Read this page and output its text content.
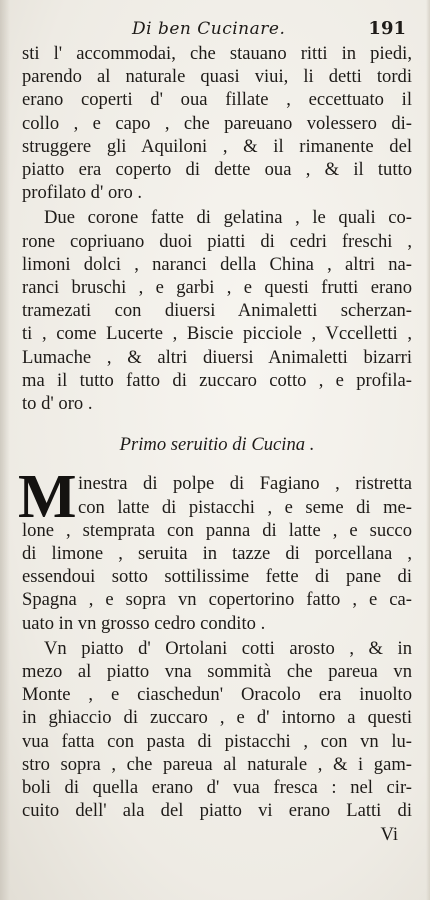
Di ben Cucinare.	191
sti l' accommodai, che stauano ritti in piedi,
parendo al naturale quasi viui, li detti tordi
erano coperti d' oua fillate , eccettuato il
collo , e capo , che pareuano volessero di-
struggere gli Aquiloni , & il rimanente del
piatto era coperto di dette oua , & il tutto
profilato d' oro .
Due corone fatte di gelatina , le quali co-
rone copriuano duoi piatti di cedri freschi ,
limoni dolci , naranci della China , altri na-
ranci bruschi , e garbi , e questi frutti erano
tramezati con diuersi Animaletti scherzan-
ti , come Lucerte , Biscie picciole , Vccelletti ,
Lumache , & altri diuersi Animaletti bizarri
ma il tutto fatto di zuccaro cotto , e profila-
to d' oro .
Primo seruitio di Cucina .
M inestra di polpe di Fagiano , ristretta
con latte di pistacchi , e seme di me-
lone , stemprata con panna di latte , e succo
di limone , seruita in tazze di porcellana ,
essendoui sotto sottilissime fette di pane di
Spagna , e sopra vn copertorino fatto , e ca-
uato in vn grosso cedro condito .
Vn piatto d' Ortolani cotti arosto , & in
mezo al piatto vna sommità che pareua vn
Monte , e ciaschedun' Oracolo era inuolto
in ghiaccio di zuccaro , e d' intorno a questi
vua fatta con pasta di pistacchi , con vn lu-
stro sopra , che pareua al naturale , & i gam-
boli di quella erano d' vua fresca : nel cir-
cuito dell' ala del piatto vi erano Latti di
Vi
